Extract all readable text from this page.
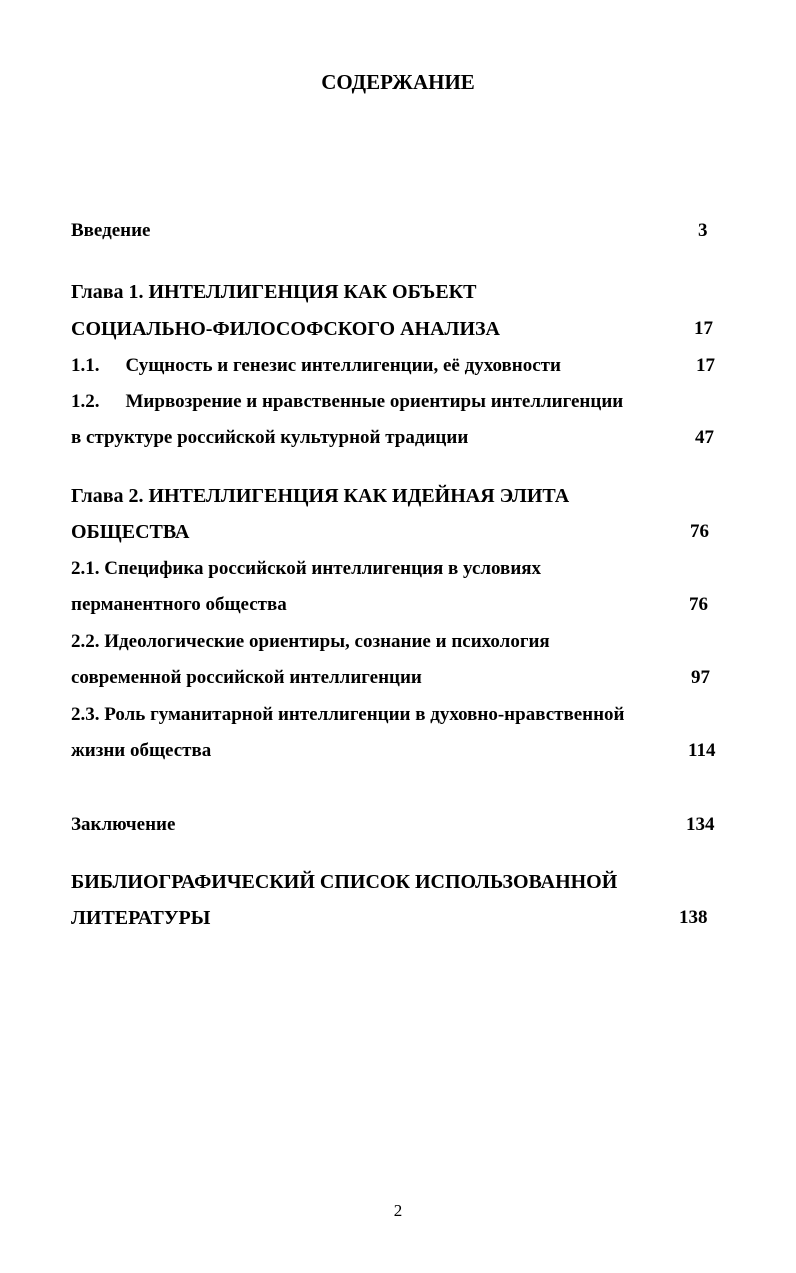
СОДЕРЖАНИЕ
Введение	3
Глава 1. ИНТЕЛЛИГЕНЦИЯ КАК ОБЪЕКТ
СОЦИАЛЬНО-ФИЛОСОФСКОГО АНАЛИЗА	17
1.1. Сущность и генезис интеллигенции, её духовности	17
1.2. Мирвозрение и нравственные ориентиры интеллигенции
в структуре российской культурной традиции	47
Глава 2. ИНТЕЛЛИГЕНЦИЯ КАК ИДЕЙНАЯ ЭЛИТА
ОБЩЕСТВА	76
2.1. Специфика российской интеллигенция в условиях
перманентного общества	76
2.2. Идеологические ориентиры, сознание и психология
современной российской интеллигенции	97
2.3. Роль гуманитарной интеллигенции в духовно-нравственной
жизни общества	114
Заключение	134
БИБЛИОГРАФИЧЕСКИЙ СПИСОК ИСПОЛЬЗОВАННОЙ
ЛИТЕРАТУРЫ	138
2
